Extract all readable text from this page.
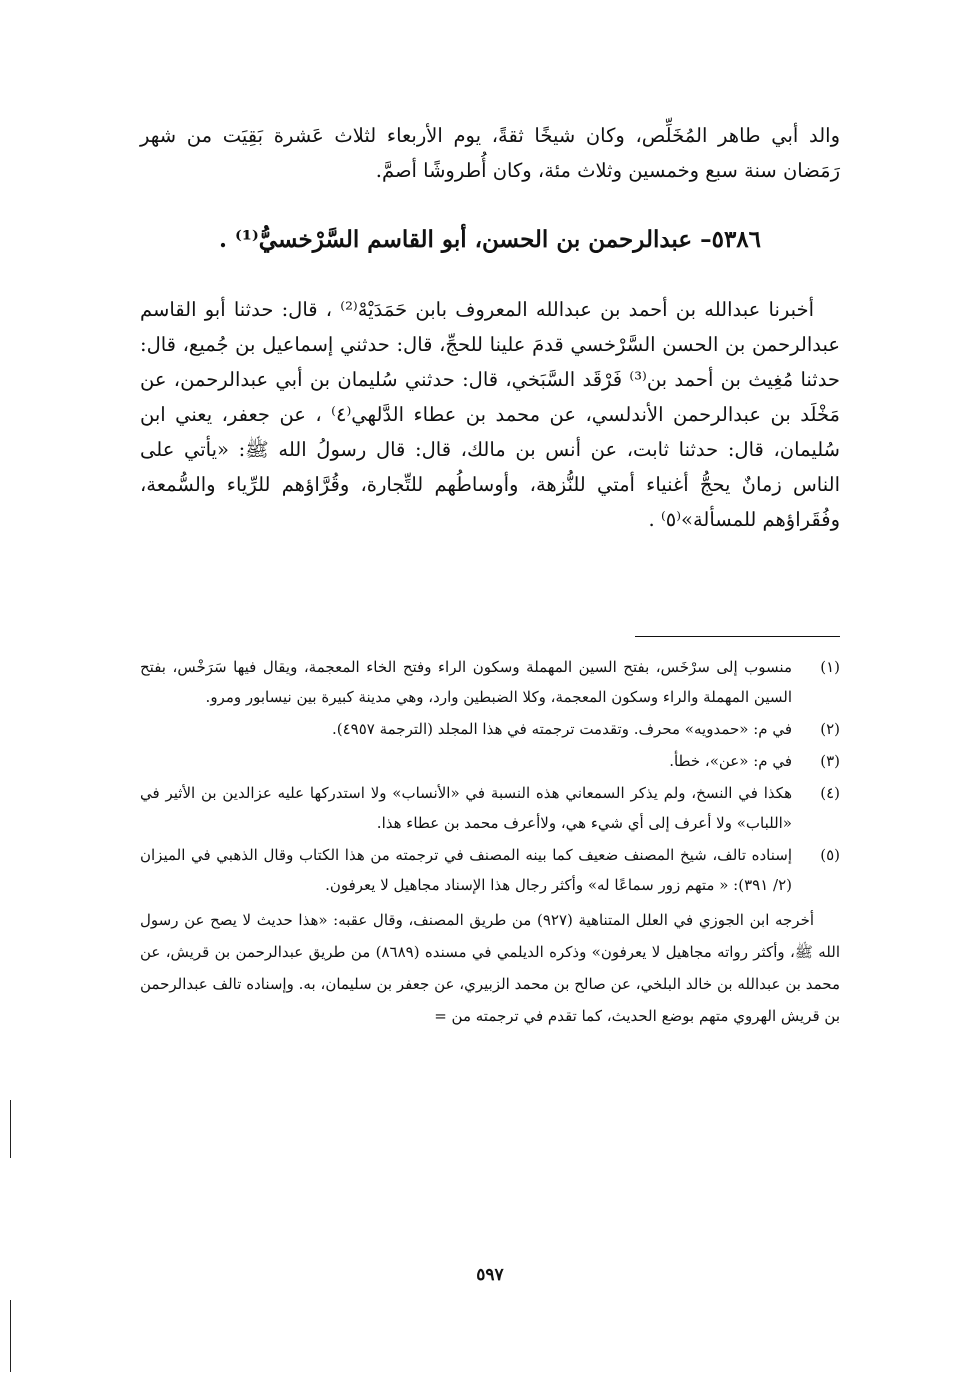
والد أبي طاهر المُخَلِّص، وكان شيخًا ثقةً، يوم الأربعاء لثلاث عَشرة بَقِيَت من شهر رَمَضان سنة سبع وخمسين وثلاث مئة، وكان أُطروشًا أصمَّ.

٥٣٨٦– عبدالرحمن بن الحسن، أبو القاسم السَّرْخسيُّ⁽¹⁾ .

أخبرنا عبدالله بن أحمد بن عبدالله المعروف بابن حَمَدَيْهْ⁽²⁾ ، قال: حدثنا أبو القاسم عبدالرحمن بن الحسن السَّرْخسي قدمَ علينا للحجِّ، قال: حدثني إسماعيل بن جُميع، قال: حدثنا مُغِيث بن أحمد بن⁽³⁾ فَرْقَد السَّبَخي، قال: حدثني سُليمان بن أبي عبدالرحمن، عن مَخْلَد بن عبدالرحمن الأندلسي، عن محمد بن عطاء الدَّلهي⁽٤⁾ ، عن جعفر، يعني ابن سُليمان، قال: حدثنا ثابت، عن أنس بن مالك، قال: قال رسولُ الله ﷺ: «يأتي على الناس زمانٌ يحجُّ أغنياء أمتي للنُّزهة، وأوساطُهم للتِّجارة، وقُرَّاؤهم للرِّياء والسُّمعة، وفُقَراؤهم للمسألة»⁽٥⁾ .

(١)
منسوب إلى سرْخَس، بفتح السين المهملة وسكون الراء وفتح الخاء المعجمة، ويقال فيها سَرَخْس، بفتح السين المهملة والراء وسكون المعجمة، وكلا الضبطين وارد، وهي مدينة كبيرة بين نيسابور ومرو.
(٢)
في م: «حمدويه» محرف. وتقدمت ترجمته في هذا المجلد (الترجمة ٤٩٥٧).
(٣)
في م: «عن»، خطأ.
(٤)
هكذا في النسخ، ولم يذكر السمعاني هذه النسبة في «الأنساب» ولا استدركها عليه عزالدين بن الأثير في «اللباب» ولا أعرف إلى أي شيء هي، ولاأعرف محمد بن عطاء هذا.
(٥)
إسناده تالف، شيخ المصنف ضعيف كما بينه المصنف في ترجمته من هذا الكتاب وقال الذهبي في الميزان (٢/ ٣٩١): « متهم زور سماعًا له» وأكثر رجال هذا الإسناد مجاهيل لا يعرفون.

أخرجه ابن الجوزي في العلل المتناهية (٩٢٧) من طريق المصنف، وقال عقبه: «هذا حديث لا يصح عن رسول الله ﷺ، وأكثر رواته مجاهيل لا يعرفون» وذكره الديلمي في مسنده (٨٦٨٩) من طريق عبدالرحمن بن قريش، عن محمد بن عبدالله بن خالد البلخي، عن صالح بن محمد الزبيري، عن جعفر بن سليمان، به. وإسناده تالف عبدالرحمن بن قريش الهروي متهم بوضع الحديث، كما تقدم في ترجمته من =

٥٩٧
